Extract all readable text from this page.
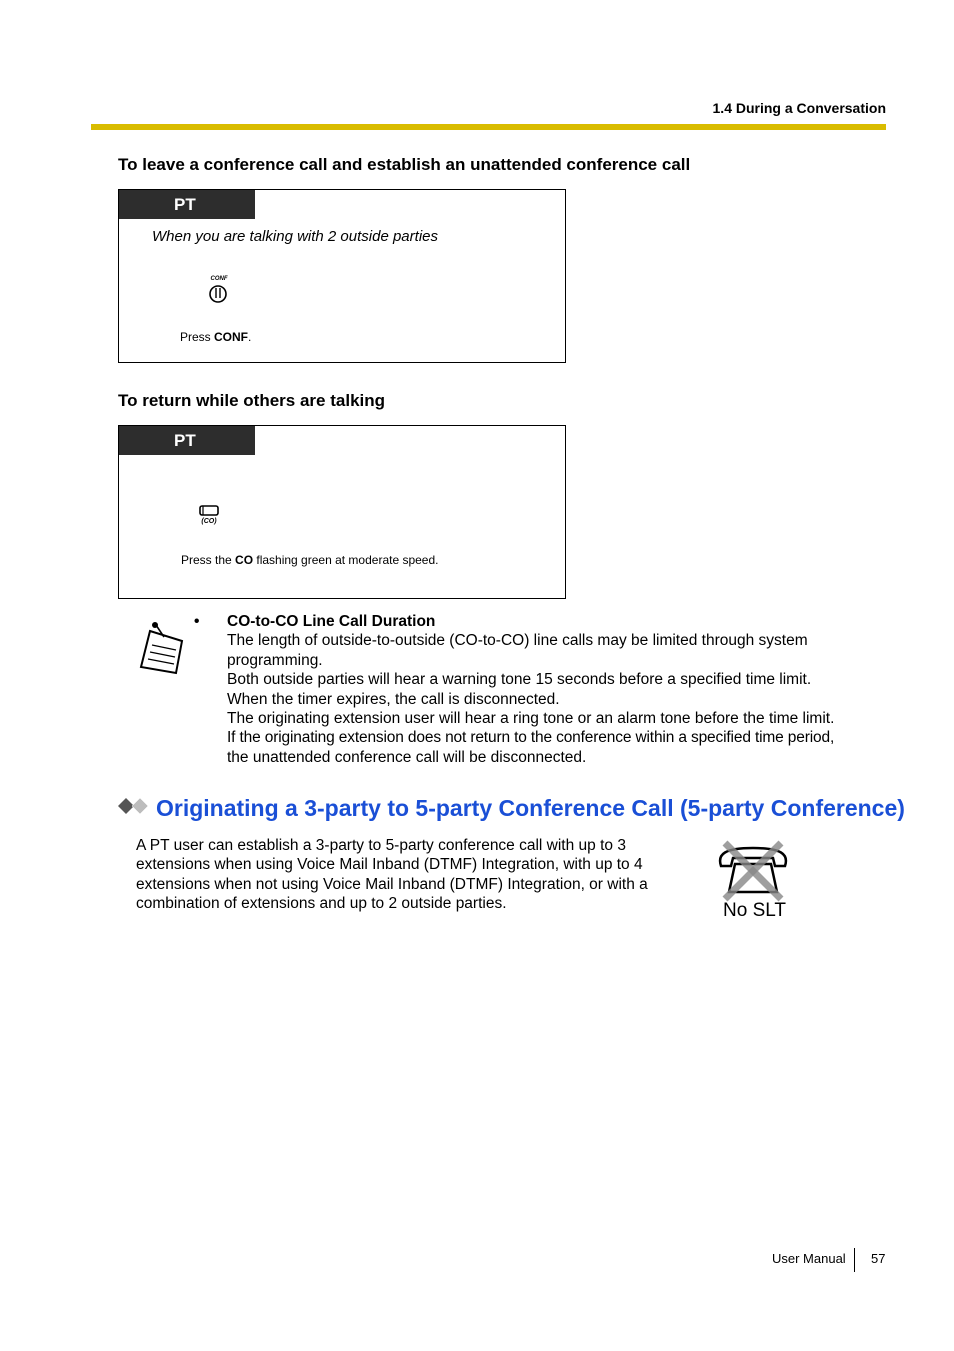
1.4 During a Conversation
To leave a conference call and establish an unattended conference call
PT
When you are talking with 2 outside parties
CONF
Press CONF.
To return while others are talking
PT
(CO)
Press the CO flashing green at moderate speed.
• CO-to-CO Line Call Duration
The length of outside-to-outside (CO-to-CO) line calls may be limited through system
programming.
Both outside parties will hear a warning tone 15 seconds before a specified time limit.
When the timer expires, the call is disconnected.
The originating extension user will hear a ring tone or an alarm tone before the time limit.
If the originating extension does not return to the conference within a specified time period,
the unattended conference call will be disconnected.
Originating a 3-party to 5-party Conference Call (5-party Conference)
A PT user can establish a 3-party to 5-party conference call with up to 3
extensions when using Voice Mail Inband (DTMF) Integration, with up to 4
extensions when not using Voice Mail Inband (DTMF) Integration, or with a
combination of extensions and up to 2 outside parties.	No SLT
User Manual 57
